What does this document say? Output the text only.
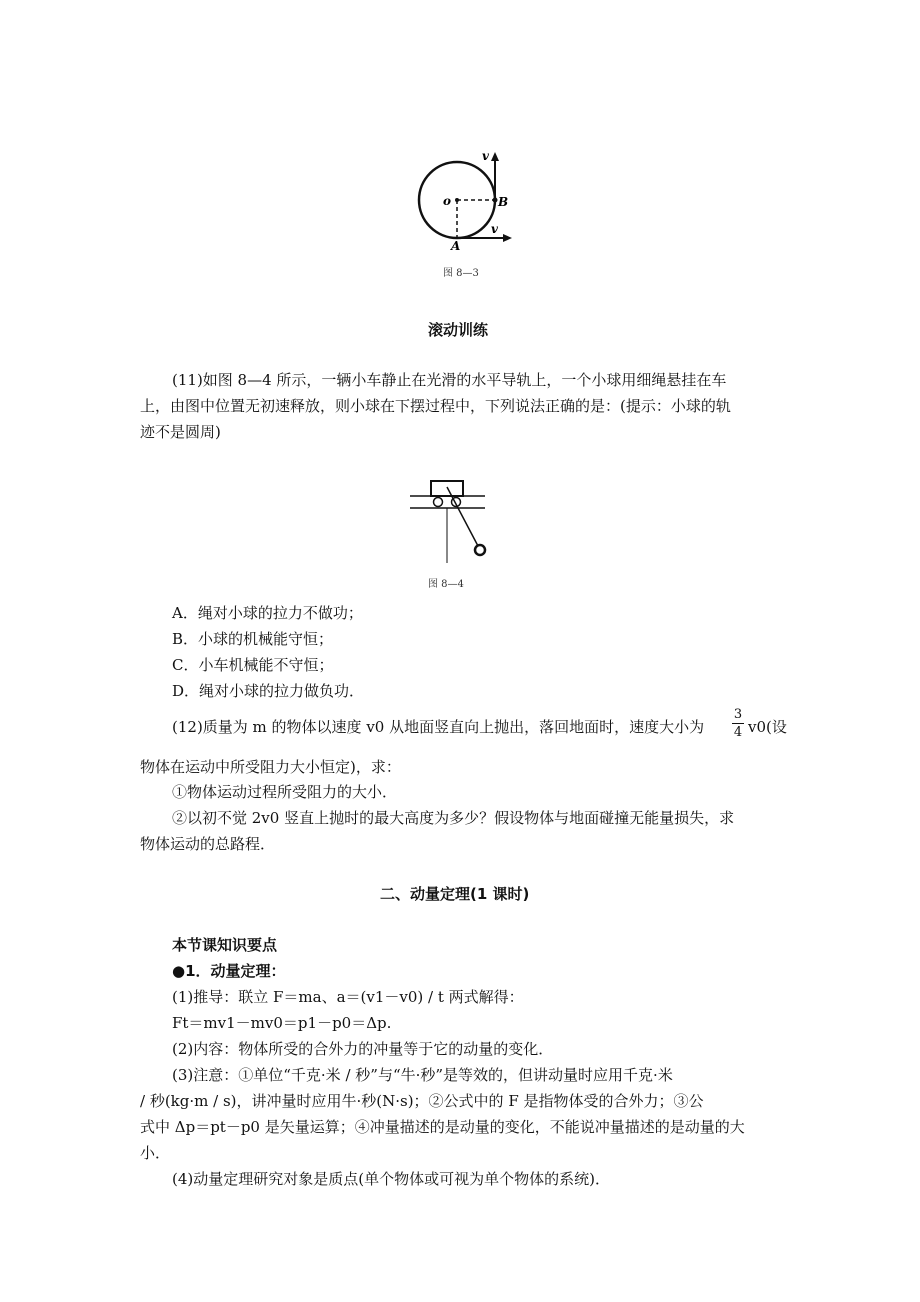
v
o	B
A
v
图 8—3
滚动训练
(11)如图 8—4 所示，一辆小车静止在光滑的水平导轨上，一个小球用细绳悬挂在车
上，由图中位置无初速释放，则小球在下摆过程中，下列说法正确的是：(提示：小球的轨
迹不是圆周)
图 8—4
A．绳对小球的拉力不做功；
B．小球的机械能守恒；
C．小车机械能不守恒；
D．绳对小球的拉力做负功．
(12)质量为 m 的物体以速度 v0 从地面竖直向上抛出，落回地面时，速度大小为
3
4 v0(设
物体在运动中所受阻力大小恒定)，求：
①物体运动过程所受阻力的大小．
②以初不觉 2v0 竖直上抛时的最大高度为多少？假设物体与地面碰撞无能量损失，求
物体运动的总路程．
二、动量定理(1 课时)
本节课知识要点
●1．动量定理：
(1)推导：联立 F＝ma、a＝(v1－v0) / t 两式解得：
Ft＝mv1－mv0＝p1－p0＝Δp.
(2)内容：物体所受的合外力的冲量等于它的动量的变化．
(3)注意：①单位“千克·米 / 秒”与“牛·秒”是等效的，但讲动量时应用千克·米
/ 秒(kg·m / s)，讲冲量时应用牛·秒(N·s)；②公式中的 F 是指物体受的合外力；③公
式中 Δp＝pt－p0 是矢量运算；④冲量描述的是动量的变化，不能说冲量描述的是动量的大
小．
(4)动量定理研究对象是质点(单个物体或可视为单个物体的系统)．
